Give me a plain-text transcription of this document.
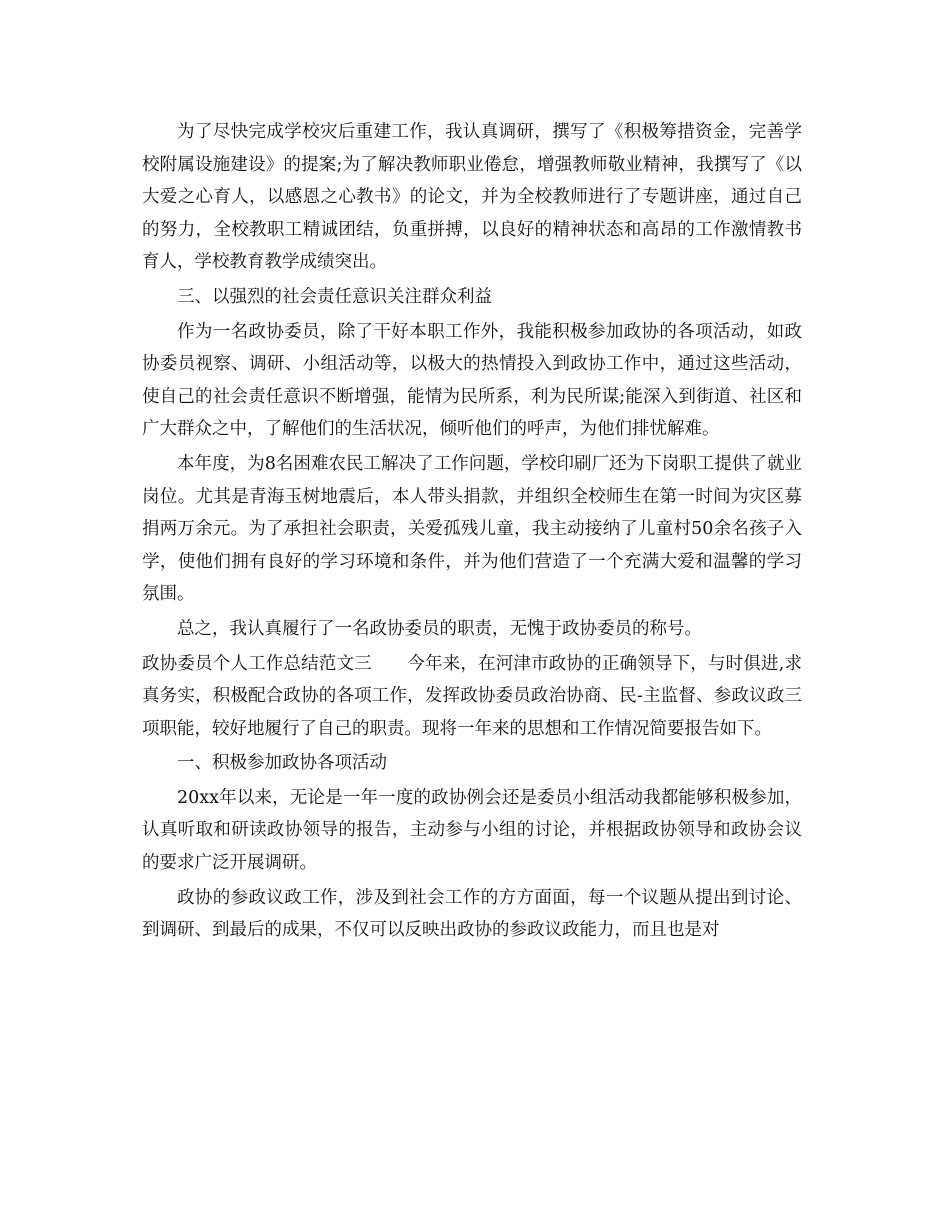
为了尽快完成学校灾后重建工作，我认真调研，撰写了《积极筹措资金，完善学校附属设施建设》的提案;为了解决教师职业倦怠，增强教师敬业精神，我撰写了《以大爱之心育人，以感恩之心教书》的论文，并为全校教师进行了专题讲座，通过自己的努力，全校教职工精诚团结，负重拼搏，以良好的精神状态和高昂的工作激情教书育人，学校教育教学成绩突出。

三、以强烈的社会责任意识关注群众利益

作为一名政协委员，除了干好本职工作外，我能积极参加政协的各项活动，如政协委员视察、调研、小组活动等，以极大的热情投入到政协工作中，通过这些活动，使自己的社会责任意识不断增强，能情为民所系，利为民所谋;能深入到街道、社区和广大群众之中，了解他们的生活状况，倾听他们的呼声，为他们排忧解难。

本年度，为8名困难农民工解决了工作问题，学校印刷厂还为下岗职工提供了就业岗位。尤其是青海玉树地震后，本人带头捐款，并组织全校师生在第一时间为灾区募捐两万余元。为了承担社会职责，关爱孤残儿童，我主动接纳了儿童村50余名孩子入学，使他们拥有良好的学习环境和条件，并为他们营造了一个充满大爱和温馨的学习氛围。

总之，我认真履行了一名政协委员的职责，无愧于政协委员的称号。

政协委员个人工作总结范文三　　今年来，在河津市政协的正确领导下，与时俱进,求真务实，积极配合政协的各项工作，发挥政协委员政治协商、民-主监督、参政议政三项职能，较好地履行了自己的职责。现将一年来的思想和工作情况简要报告如下。

一、积极参加政协各项活动

20xx年以来，无论是一年一度的政协例会还是委员小组活动我都能够积极参加，认真听取和研读政协领导的报告，主动参与小组的讨论，并根据政协领导和政协会议的要求广泛开展调研。

政协的参政议政工作，涉及到社会工作的方方面面，每一个议题从提出到讨论、到调研、到最后的成果，不仅可以反映出政协的参政议政能力，而且也是对
